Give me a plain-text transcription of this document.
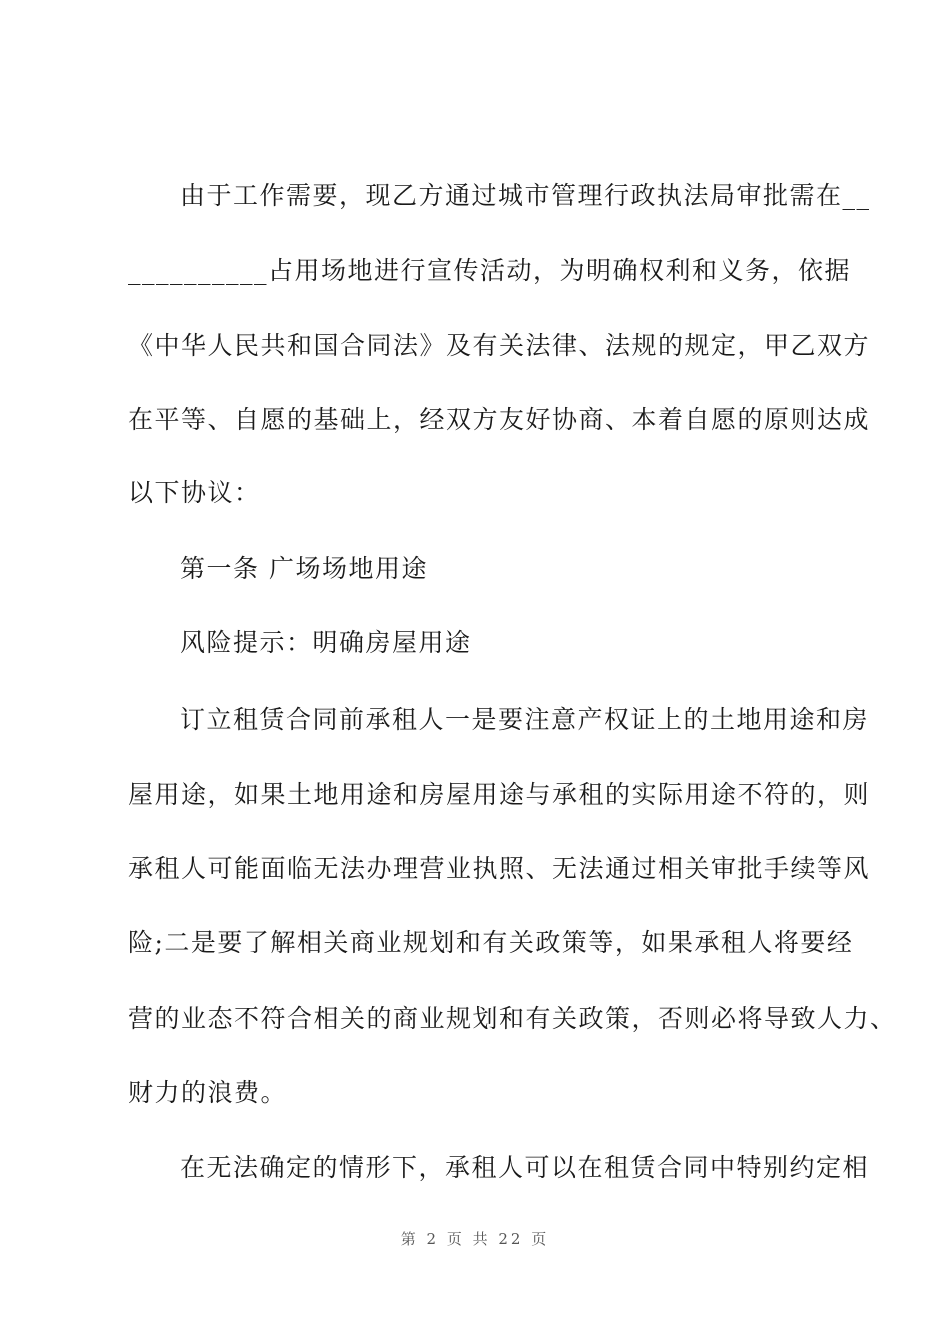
由于工作需要，现乙方通过城市管理行政执法局审批需在__
__________占用场地进行宣传活动，为明确权利和义务，依据
《中华人民共和国合同法》及有关法律、法规的规定，甲乙双方
在平等、自愿的基础上，经双方友好协商、本着自愿的原则达成
以下协议：
第一条 广场场地用途
风险提示：明确房屋用途
订立租赁合同前承租人一是要注意产权证上的土地用途和房
屋用途，如果土地用途和房屋用途与承租的实际用途不符的，则
承租人可能面临无法办理营业执照、无法通过相关审批手续等风
险;二是要了解相关商业规划和有关政策等，如果承租人将要经
营的业态不符合相关的商业规划和有关政策，否则必将导致人力、
财力的浪费。
在无法确定的情形下，承租人可以在租赁合同中特别约定相
第 2 页 共 22 页
